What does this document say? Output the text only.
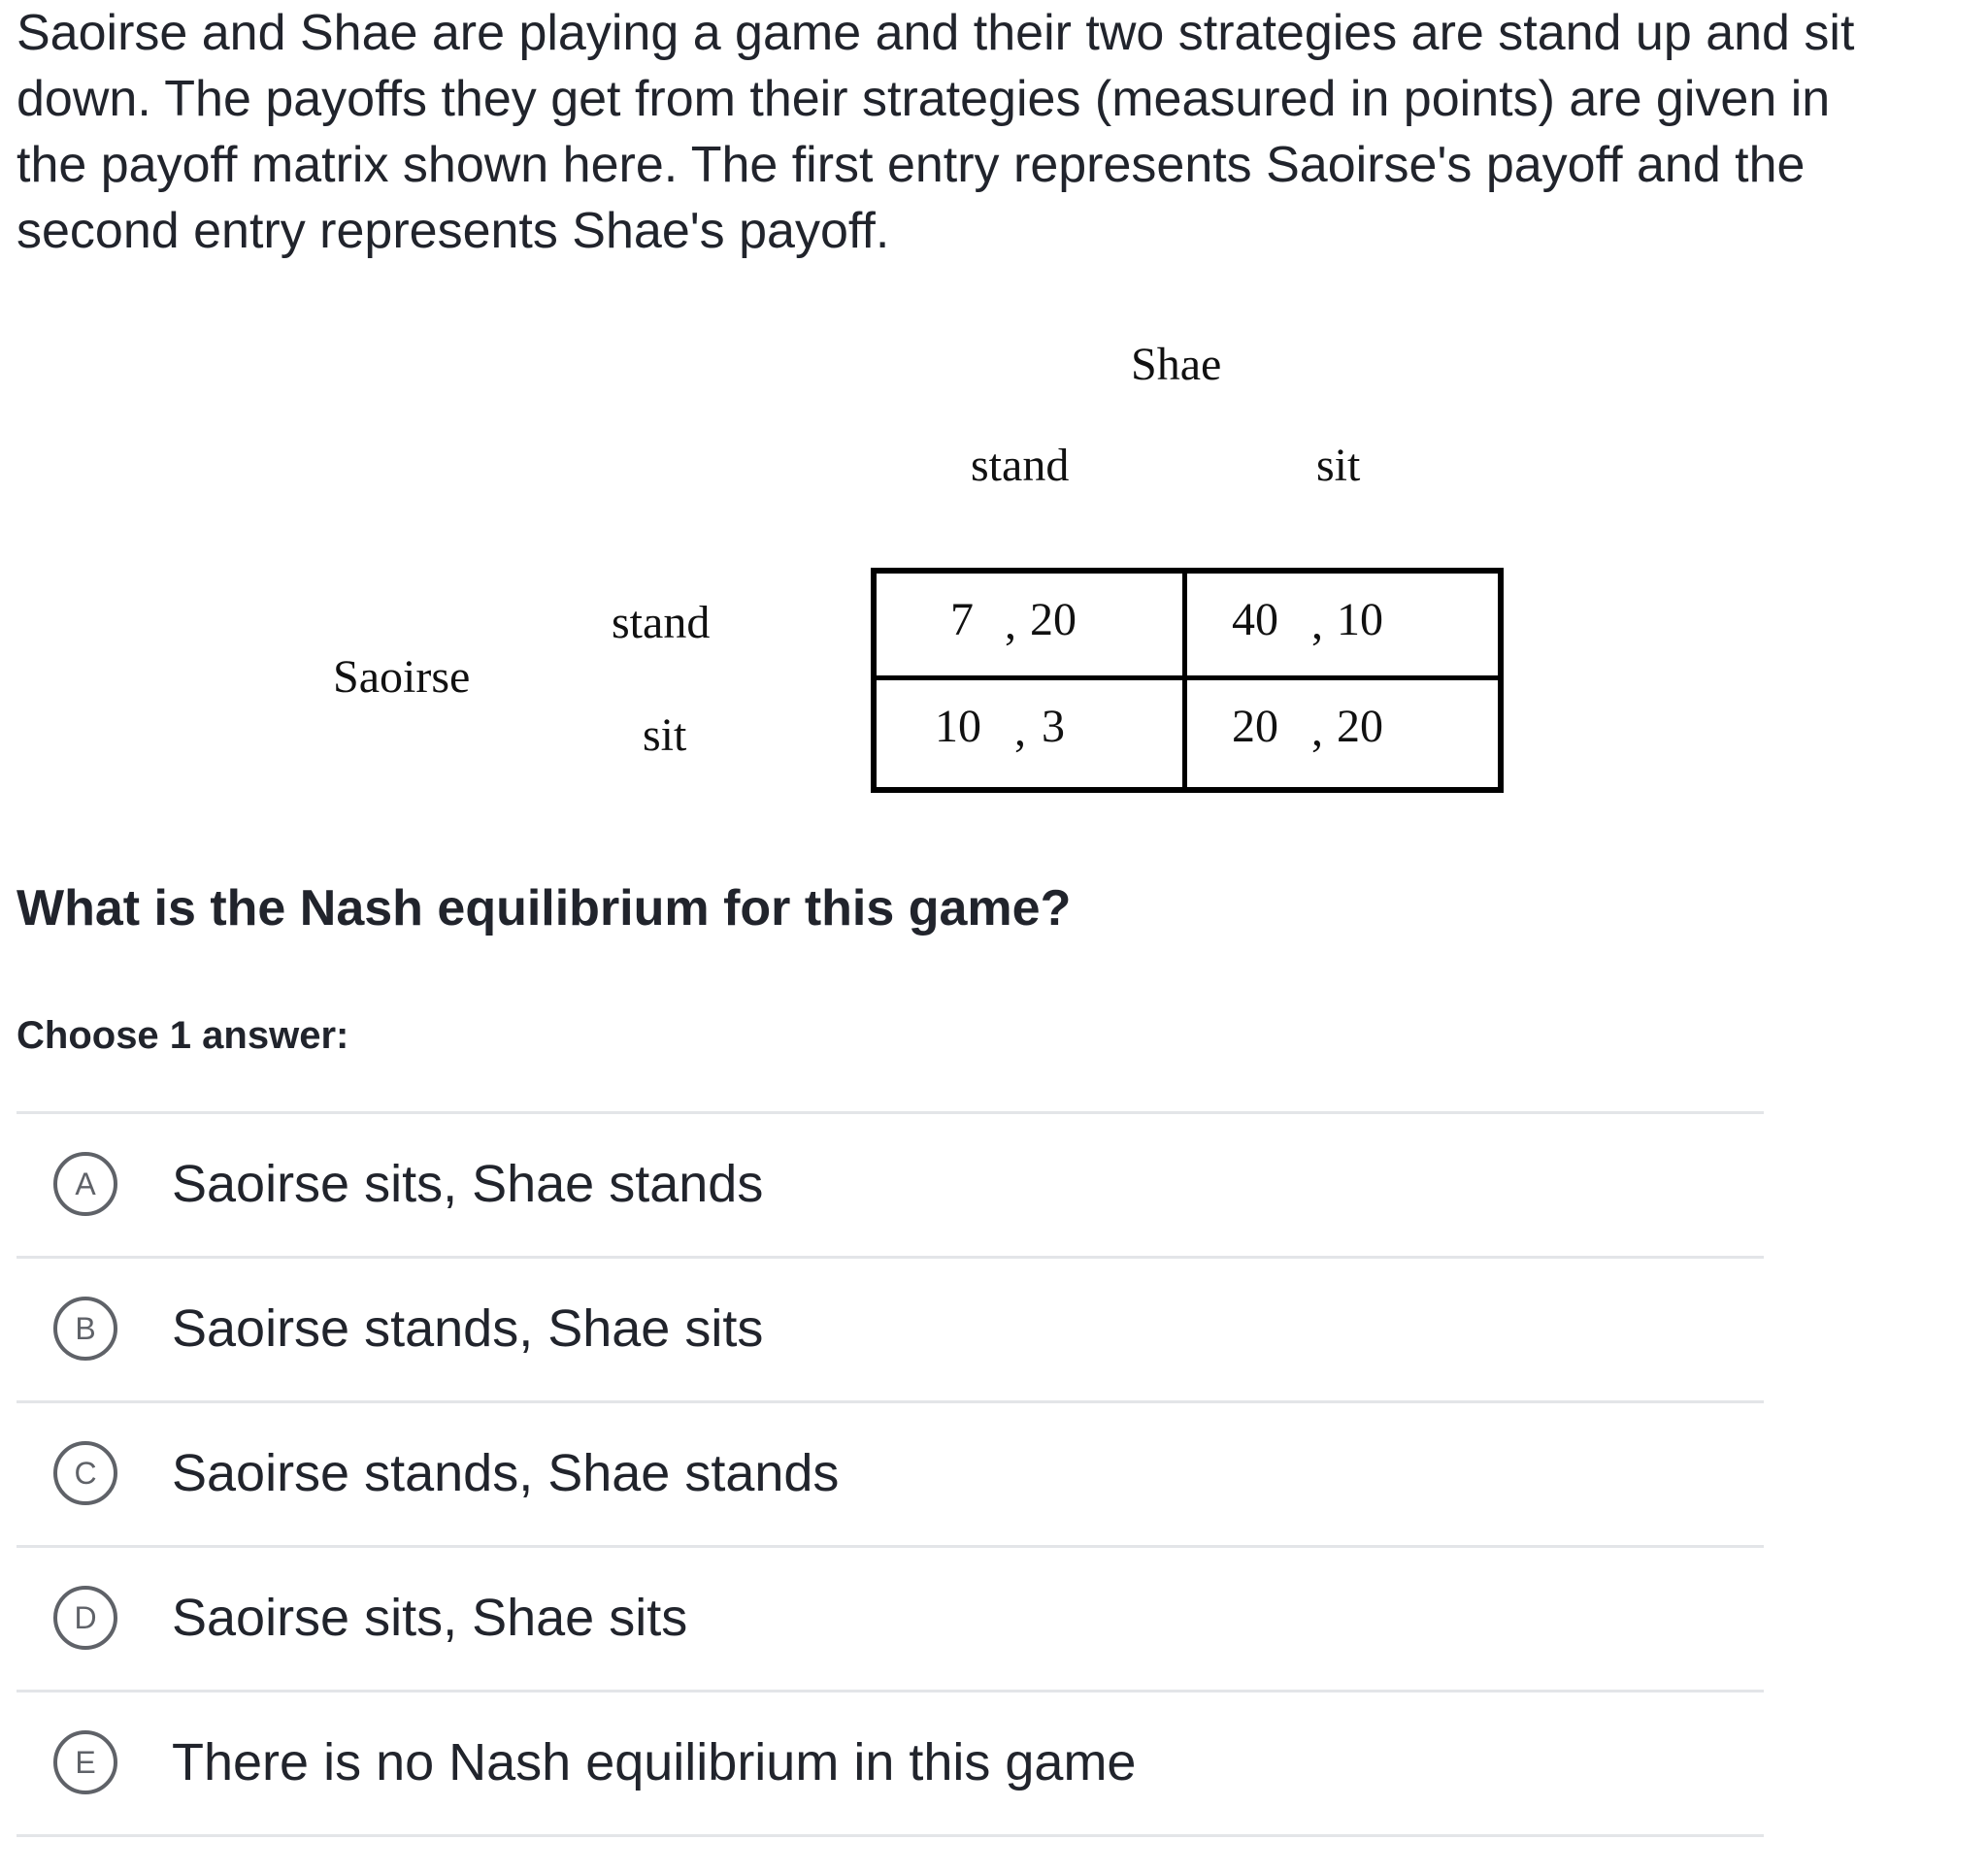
Saoirse and Shae are playing a game and their two strategies are stand up and sit down. The payoffs they get from their strategies (measured in points) are given in the payoff matrix shown here. The first entry represents Saoirse's payoff and the second entry represents Shae's payoff.
Shae
stand	sit
Saoirse
stand
sit
7 , 20	40 , 10
10 , 3	20 , 20
What is the Nash equilibrium for this game?
Choose 1 answer:
A	Saoirse sits, Shae stands
B	Saoirse stands, Shae sits
C	Saoirse stands, Shae stands
D	Saoirse sits, Shae sits
E	There is no Nash equilibrium in this game
